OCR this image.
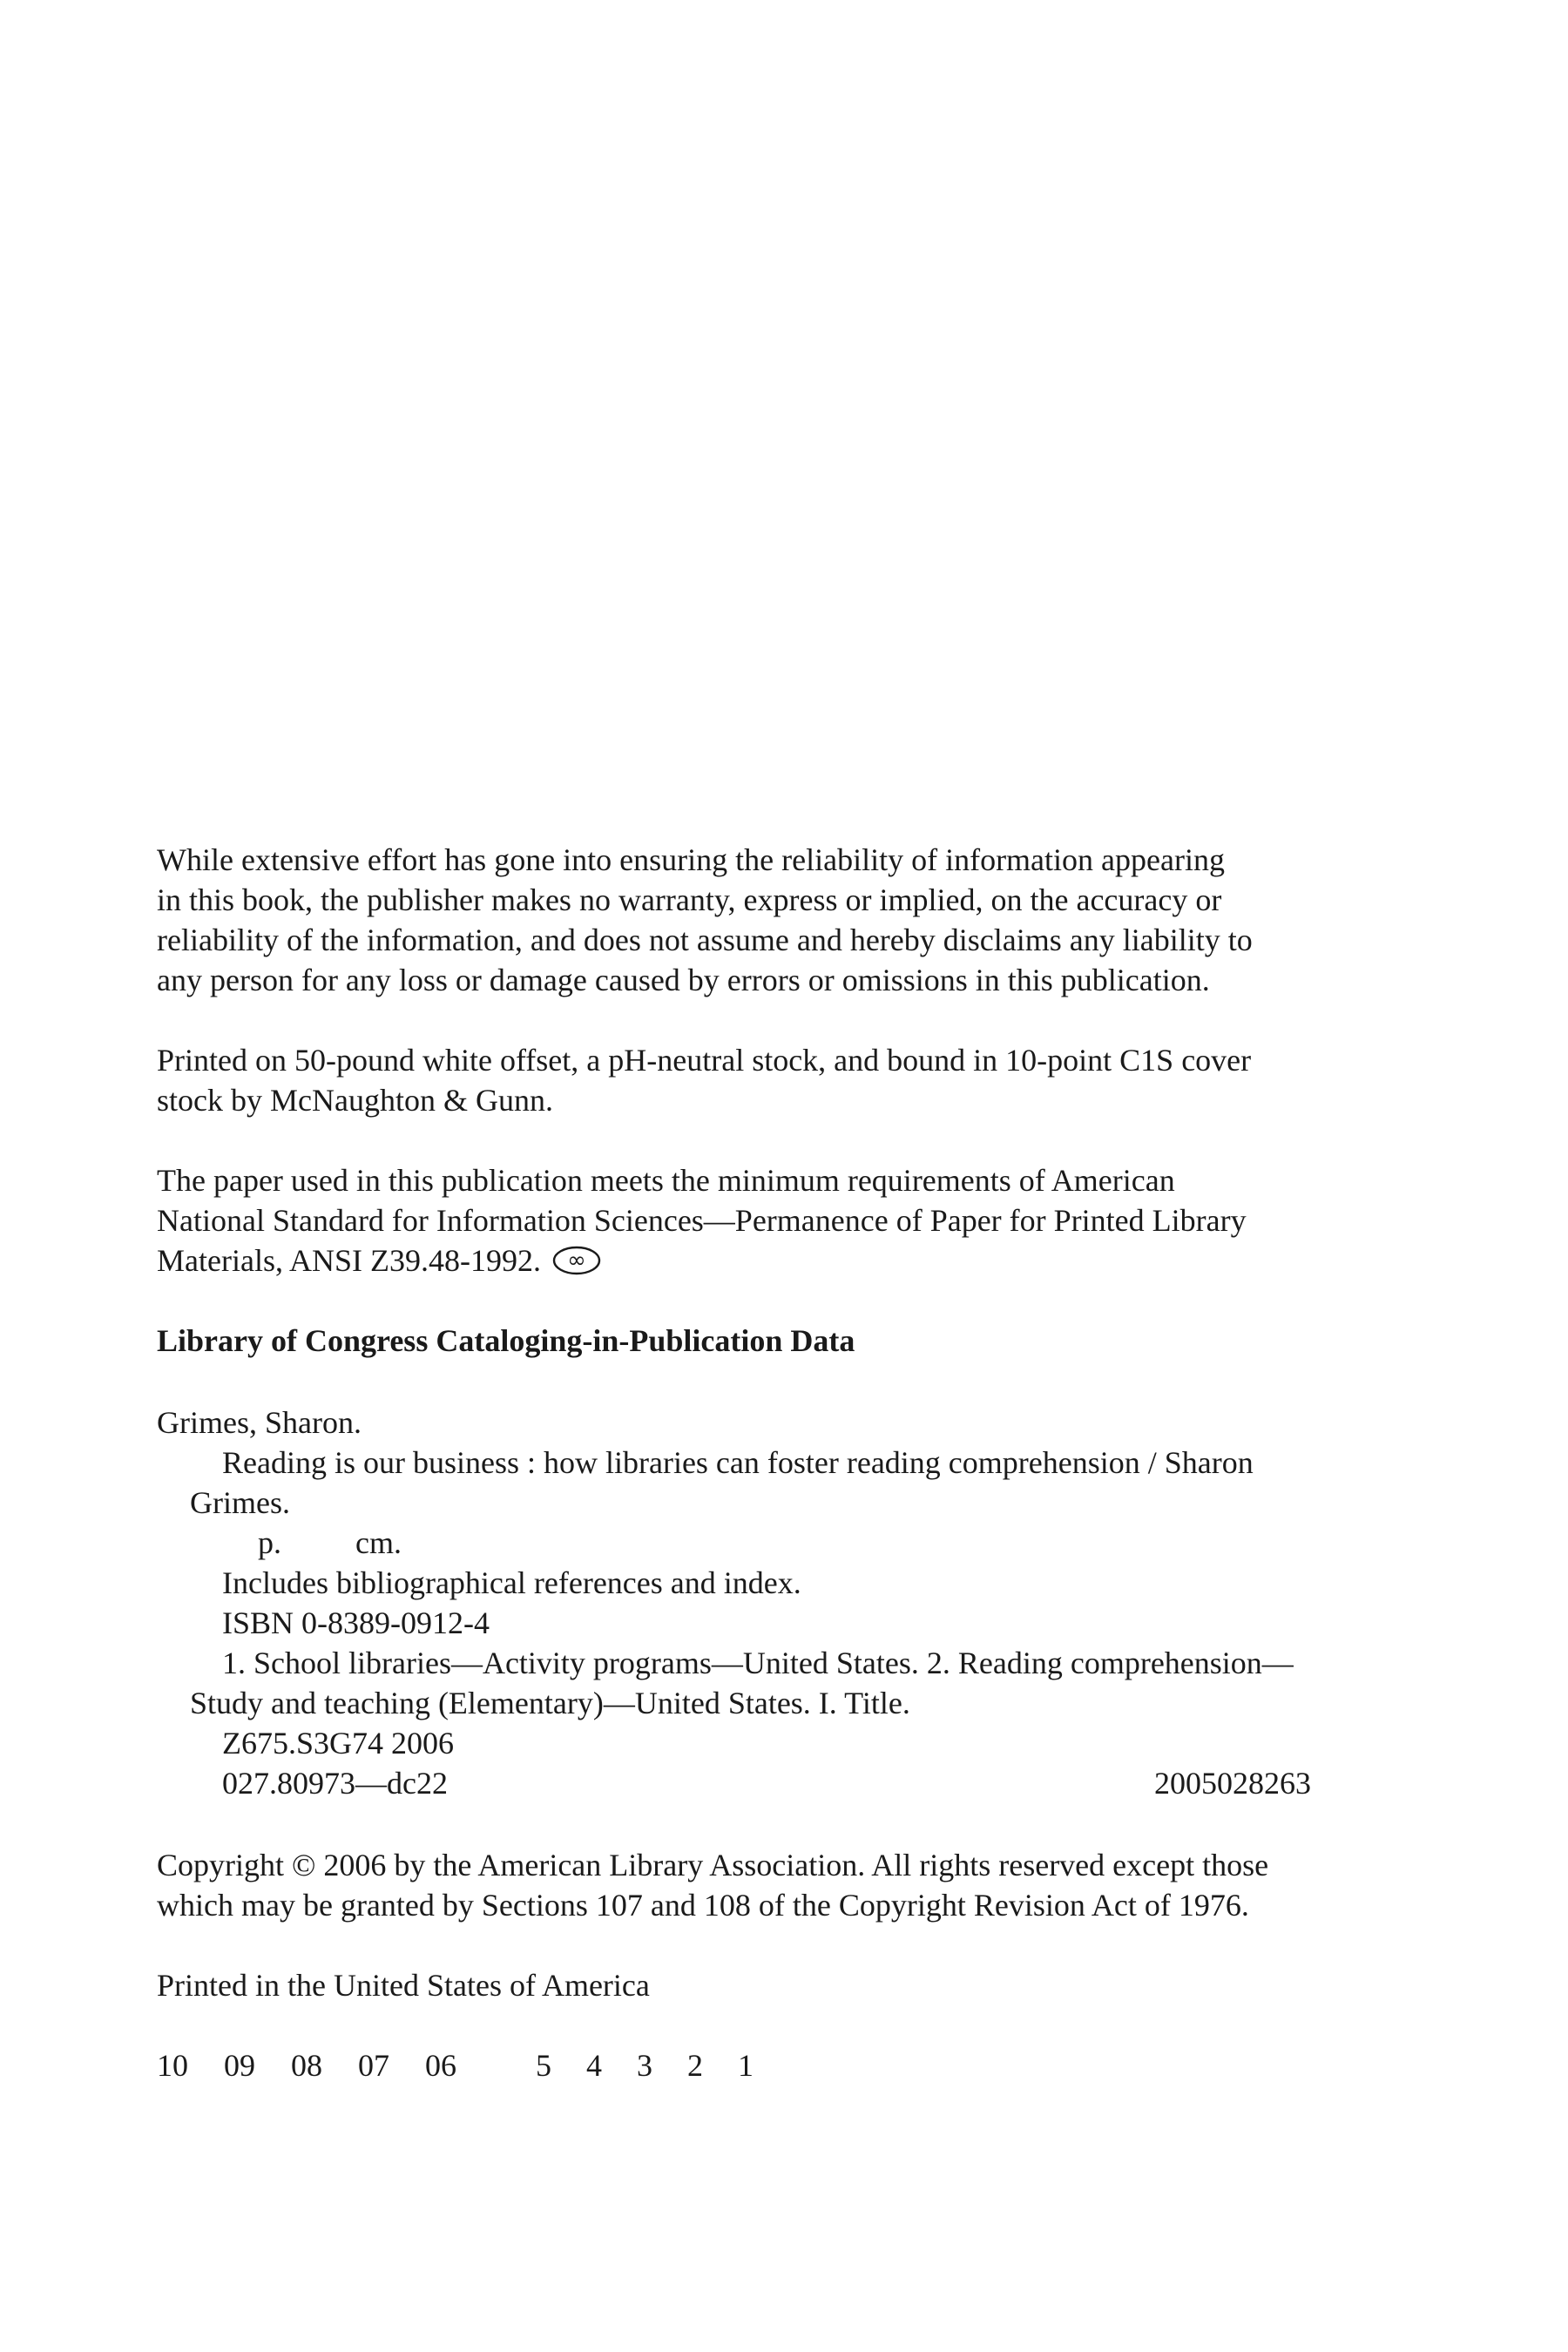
While extensive effort has gone into ensuring the reliability of information appearing
in this book, the publisher makes no warranty, express or implied, on the accuracy or
reliability of the information, and does not assume and hereby disclaims any liability to
any person for any loss or damage caused by errors or omissions in this publication.
Printed on 50-pound white offset, a pH-neutral stock, and bound in 10-point C1S cover
stock by McNaughton & Gunn.
The paper used in this publication meets the minimum requirements of American
National Standard for Information Sciences—Permanence of Paper for Printed Library
Materials, ANSI Z39.48-1992. ∞
Library of Congress Cataloging-in-Publication Data
Grimes, Sharon.
Reading is our business : how libraries can foster reading comprehension / Sharon
Grimes.
p. cm.
Includes bibliographical references and index.
ISBN 0-8389-0912-4
1. School libraries—Activity programs—United States. 2. Reading comprehension—
Study and teaching (Elementary)—United States. I. Title.
Z675.S3G74 2006
027.80973—dc22	2005028263
Copyright © 2006 by the American Library Association. All rights reserved except those
which may be granted by Sections 107 and 108 of the Copyright Revision Act of 1976.
Printed in the United States of America
10 09 08 07 06	5 4 3 2 1
